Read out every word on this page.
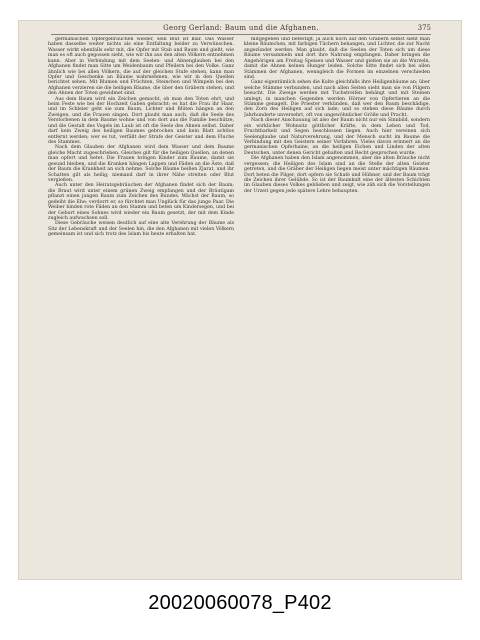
Georg Gerland: Baum und die Afghanen.	375

germanischen Opfergebräuchen wieder, sein Blut ist klar. Das Wasser haben dasselbe weiter nichts als eine Entfaltung beider zu Verwünschen. Wasser wirkt ebenfalls sehr mit, die Opfer mit Stab und Baum und gießt, wie man es oft auch gegossen sieht, wie wir ihn aus den alten Völkern entnehmen kann. Aber in Verbindung mit dem Seelen- und Ahnenglauben bei den Afghanen findet man Sitte um Weidenbaum und Pfeilern bei den Volke. Ganz ähnlich wie bei allen Völkern, die auf der gleichen Stufe stehen, kann man Opfer und Geschenke an Bäume wahrnehmen, wie wir in den Quellen berichtet sehen. Mit Blumen und Früchten, Steinchen und Wimpeln bei den Afghanen verzieren sie die heiligen Bäume, die über den Gräbern stehen, und den Ahnen der Toten gewidmet sind.

Aus dem Baum wird ein Zeichen gemacht, ob man den Toten ehrt, und beim Feste wie bei der Hochzeit Gaben gebracht; es hat die Frau ihr Haar, und im Schleier geht sie zum Baum, Lichter und Blüten hängen an den Zweigen, und die Frauen singen. Dort glaubt man auch, daß die Seele des Verstorbenen in dem Baume wohne und von dort aus die Familie beschütze, und die Gestalt des Vogels im Laub ist oft die Seele des Ahnen selbst. Daher darf kein Zweig des heiligen Baumes gebrochen und kein Blatt achtlos entfernt werden; wer es tut, verfällt der Strafe der Geister und dem Fluche des Stammes.

Nach dem Glauben der Afghanen wird dem Wasser und dem Baume gleiche Macht zugeschrieben. Gleiches gilt für die heiligen Quellen, an denen man opfert und betet. Die Frauen bringen Kinder zum Baume, damit sie gesund bleiben, und die Kranken hängen Lappen und Fäden an die Äste, daß der Baum die Krankheit an sich nehme. Solche Bäume heißen Zjarat, und ihr Schatten gilt als heilig; niemand darf in ihrer Nähe streiten oder Blut vergießen.

Auch unter den Heiratsgebräuchen der Afghanen findet sich der Baum; die Braut wird unter einem grünen Zweig empfangen und der Bräutigam pflanzt einen jungen Baum zum Zeichen des Bundes. Wächst der Baum, so gedeiht die Ehe; verdorrt er, so fürchtet man Unglück für das junge Paar. Die Weiber binden rote Fäden an den Stamm und beten um Kindersegen, und bei der Geburt eines Sohnes wird wieder ein Baum gesetzt, der mit dem Kinde zugleich aufwachsen soll.

Diese Gebräuche weisen deutlich auf eine alte Verehrung der Bäume als Sitz der Lebenskraft und der Seelen hin, die den Afghanen mit vielen Völkern gemeinsam ist und sich trotz des Islam bis heute erhalten hat.

mitgegeben und befestigt, ja auch noch auf den Gräbern selbst sieht man kleine Bäumchen, mit farbigen Tüchern behangen, und Lichter, die zur Nacht angezündet werden. Man glaubt, daß die Seelen der Toten sich um diese Bäume versammeln und dort ihre Nahrung empfangen. Daher bringen die Angehörigen am Freitag Speisen und Wasser und gießen sie an die Wurzeln, damit die Ahnen keinen Hunger leiden. Solche Sitte findet sich bei allen Stämmen der Afghanen, wenngleich die Formen im einzelnen verschieden sind.

Ganz eigentümlich sehen die Kulte gleichfalls ihre Heiligenbäume an; über welche Stämme verbunden, und nach allen Seiten sieht man sie von Pilgern besucht. Die Zweige werden mit Tuchstreifen behängt und mit Steinen umlegt; in manchen Gegenden werden Hörner von Opfertieren an die Stämme genagelt. Die Priester verkünden, daß wer den Baum beschädige, den Zorn des Heiligen auf sich lade; und so stehen diese Bäume durch Jahrhunderte unversehrt, oft von ungewöhnlicher Größe und Pracht.

Nach dieser Anschauung ist also der Baum nicht nur ein Sinnbild, sondern ein wirklicher Wohnsitz göttlicher Kräfte, in dem Leben und Tod, Fruchtbarkeit und Segen beschlossen liegen. Auch hier vereinen sich Seelenglaube und Naturverehrung, und der Mensch sucht im Baume die Verbindung mit den Geistern seiner Vorfahren. Vieles davon erinnert an die germanischen Opferhaine, an die heiligen Eichen und Linden der alten Deutschen, unter denen Gericht gehalten und Recht gesprochen wurde.

Die Afghanen haben den Islam angenommen, aber die alten Bräuche nicht vergessen; die Heiligen des Islam sind an die Stelle der alten Geister getreten, und die Gräber der Heiligen liegen meist unter mächtigen Bäumen. Dort beten die Pilger, dort opfern sie Schafe und Hühner, und der Baum trägt die Zeichen ihrer Gelübde. So ist der Baumkult eine der ältesten Schichten im Glauben dieses Volkes geblieben und zeigt, wie zäh sich die Vorstellungen der Urzeit gegen jede spätere Lehre behaupten.

20020060078_P402
